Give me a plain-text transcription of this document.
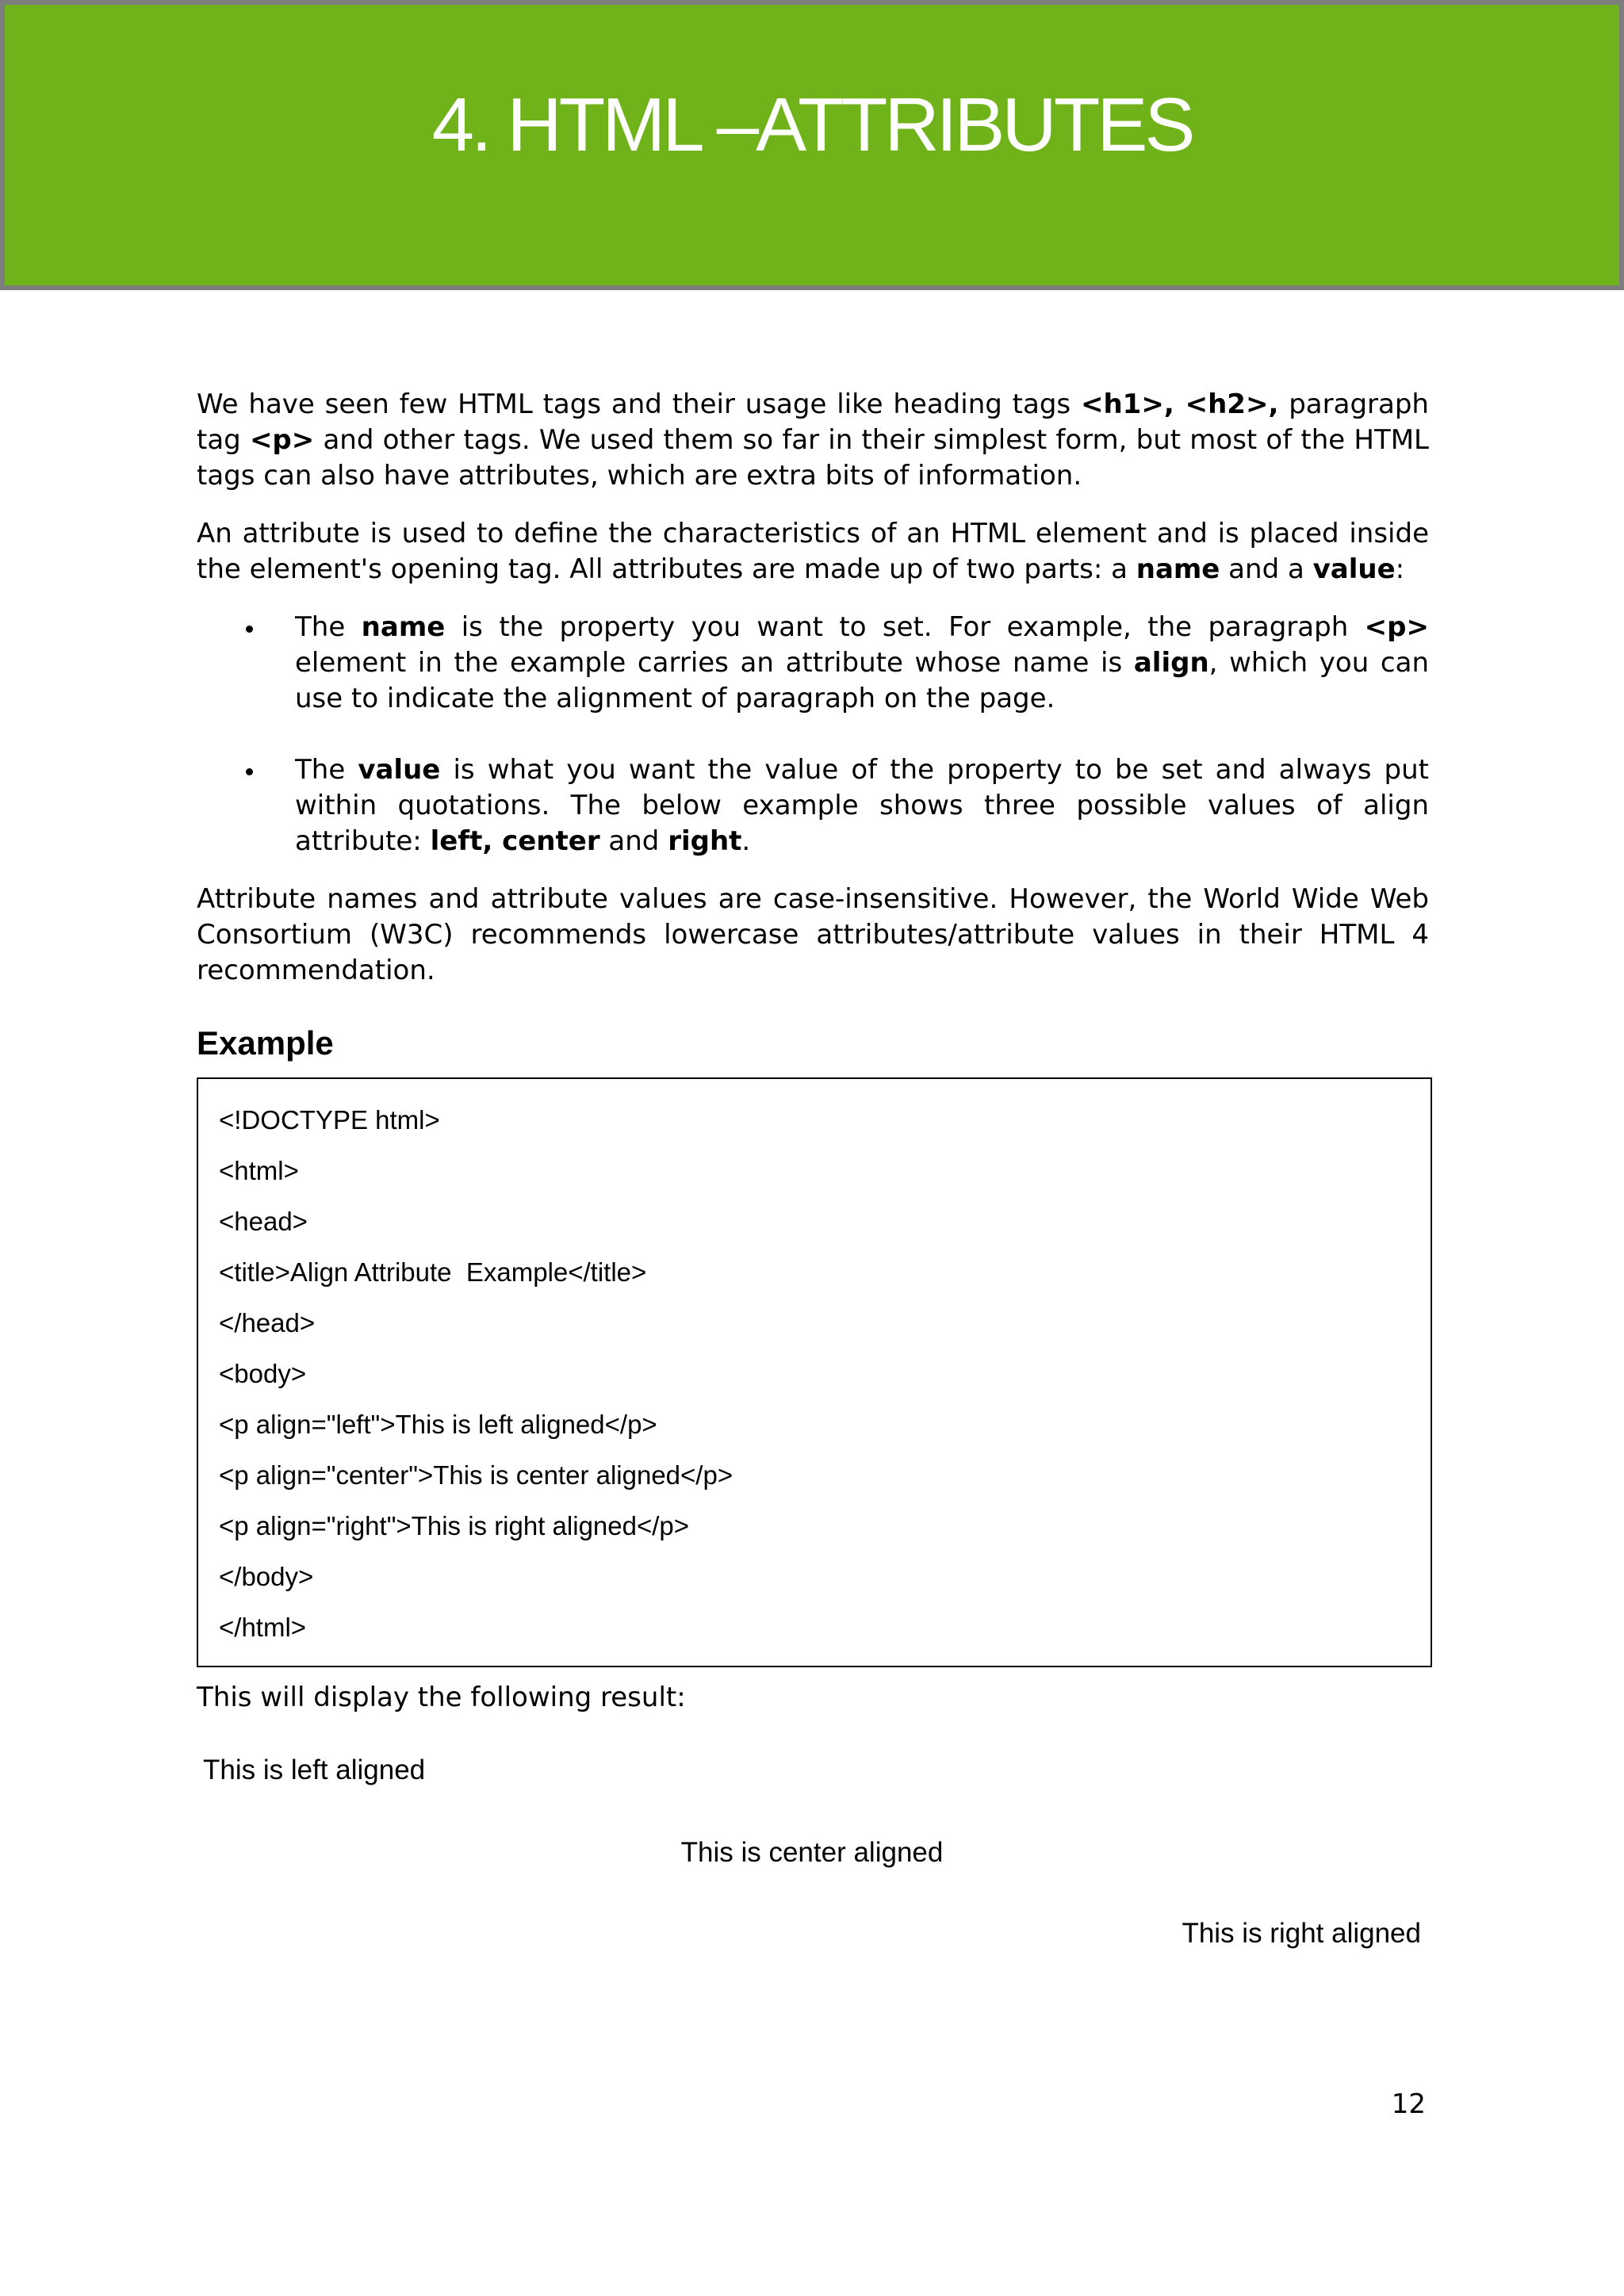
4. HTML –ATTRIBUTES

We have seen few HTML tags and their usage like heading tags <h1>, <h2>, paragraph tag <p> and other tags. We used them so far in their simplest form, but most of the HTML tags can also have attributes, which are extra bits of information.

An attribute is used to define the characteristics of an HTML element and is placed inside the element's opening tag. All attributes are made up of two parts: a name and a value:

The name is the property you want to set. For example, the paragraph <p> element in the example carries an attribute whose name is align, which you can use to indicate the alignment of paragraph on the page.
The value is what you want the value of the property to be set and always put within quotations. The below example shows three possible values of align attribute: left, center and right.

Attribute names and attribute values are case-insensitive. However, the World Wide Web Consortium (W3C) recommends lowercase attributes/attribute values in their HTML 4 recommendation.

Example
<!DOCTYPE html>
<html>
<head>
<title>Align Attribute  Example</title>
</head>
<body>
<p align="left">This is left aligned</p>
<p align="center">This is center aligned</p>
<p align="right">This is right aligned</p>
</body>
</html>

This will display the following result:

This is left aligned
This is center aligned
This is right aligned
12
